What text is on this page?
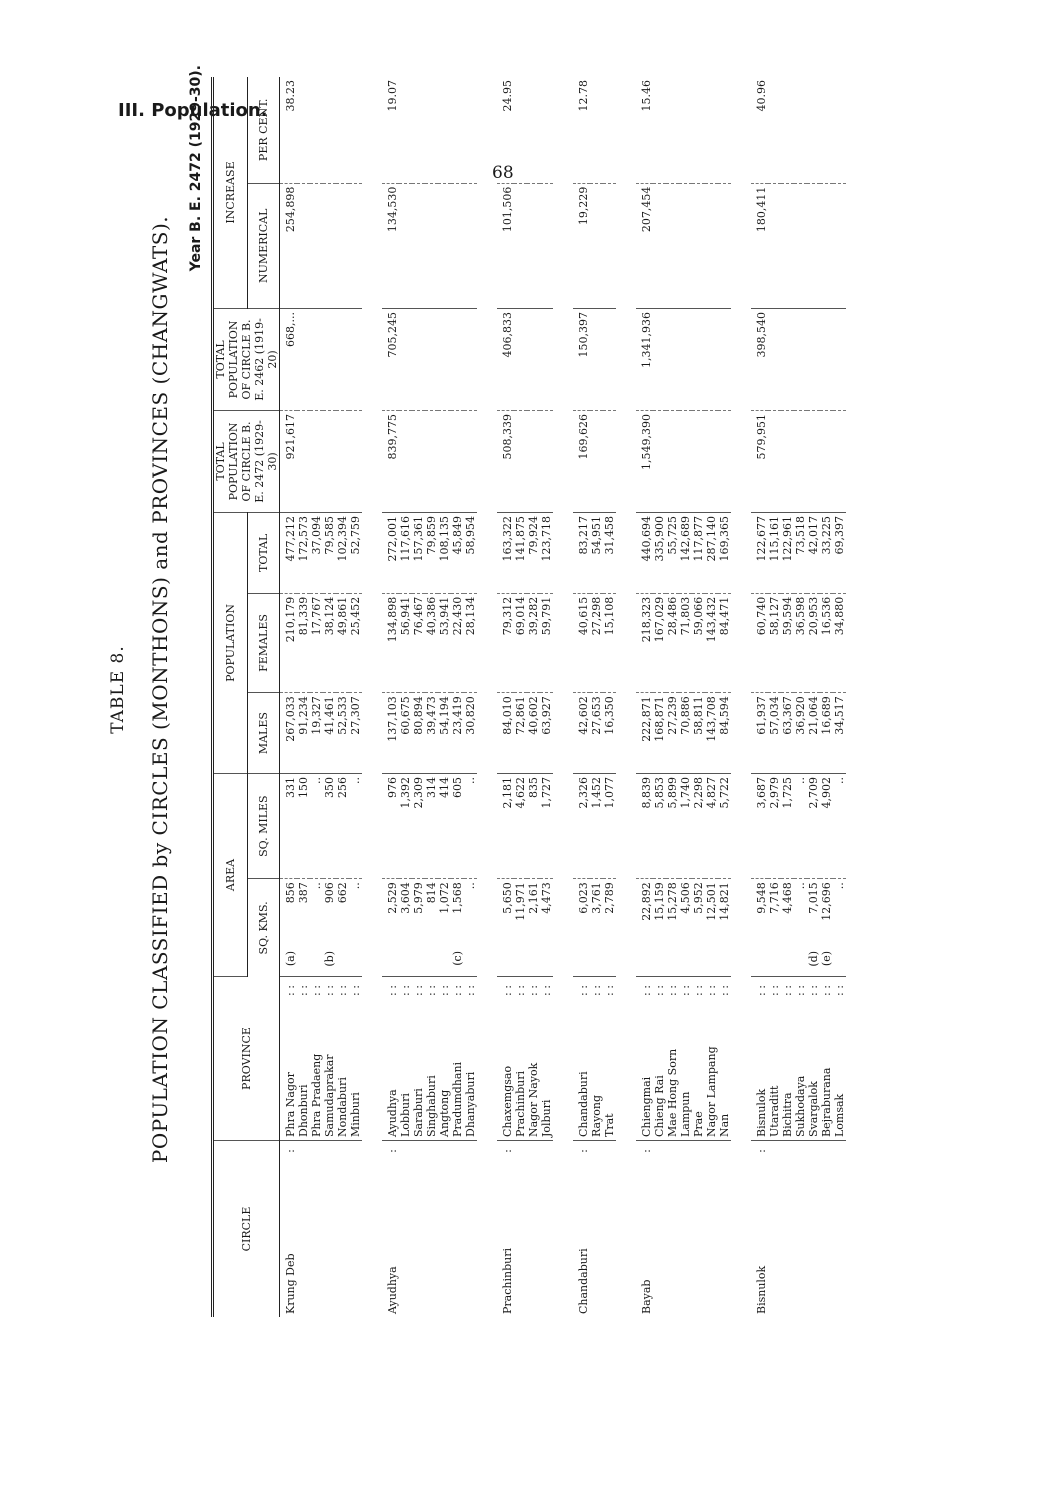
III. Population.
68
TABLE 8. POPULATION CLASSIFIED by CIRCLES (MONTHONS) and PROVINCES (CHANGWATS).
Year B. E. 2472 (1929-30).
CIRCLE		PROVINCE		AREA			POPULATION			TOTAL POPULATION OF CIRCLE B. E. 2472 (1929-30)	TOTAL POPULATION OF CIRCLE B. E. 2462 (1919-20)	INCREASE	
				SQ. KMS.		SQ. MILES	MALES	FEMALES	TOTAL			NUMERICAL	PER CENT.
Krung Deb	:	Phra Nagor	: :	(a)	856	331	267,033	210,179	477,212	921,617	668,...	254,898	38.23
		Dhonburi	: :		387	150	91,234	81,339	172,573				
		Phra Pradaeng	: :		..	..	19,327	17,767	37,094				
		Samudaprakar	: :	(b)	906	350	41,461	38,124	79,585				
		Nondaburi	: :		662	256	52,533	49,861	102,394				
		Minburi	: :		..	..	27,307	25,452	52,759				

Ayudhya	:	Ayudhya	: :		2,529	976	137,103	134,898	272,001	839,775	705,245	134,530	19.07
		Lobburi	: :		3,604	1,392	60,675	56,941	117,616				
		Saraburi	: :		5,979	2,309	80,894	76,467	157,361				
		Singhaburi	: :		814	314	39,473	40,386	79,859				
		Angtong	: :		1,072	414	54,194	53,941	108,135				
		Pradumdhani	: :	(c)	1,568	605	23,419	22,430	45,849				
		Dhanyaburi	: :		..	..	30,820	28,134	58,954				

Prachinburi	:	Chaxemgsao	: :		5,650	2,181	84,010	79,312	163,322	508,339	406,833	101,506	24.95
		Prachinburi	: :		11,971	4,622	72,861	69,014	141,875				
		Nagor Nayok	: :		2,161	835	40,602	39,282	79,924				
		Jolburi	: :		4,473	1,727	63,927	59,791	123,718				

Chandaburi	:	Chandaburi	: :		6,023	2,326	42,602	40,615	83,217	169,626	150,397	19,229	12.78
		Rayong	: :		3,761	1,452	27,653	27,298	54,951				
		Trat	: :		2,789	1,077	16,350	15,108	31,458				

Bayab	:	Chiengmai	: :		22,892	8,839	222,871	218,323	440,694	1,549,390	1,341,936	207,454	15.46
		Chieng Rai	: :		15,159	5,853	168,871	167,029	335,900				
		Mae Hong Sorn	: :		15,278	5,899	27,239	28,486	55,725				
		Lampun	: :		4,506	1,740	70,886	71,803	142,689				
		Prae	: :		5,952	2,298	58,811	59,066	117,877				
		Nagor Lampang	: :		12,501	4,827	143,708	143,432	287,140				
		Nan	: :		14,821	5,722	84,594	84,471	169,365				

Bisnulok	:	Bisnulok	: :		9,548	3,687	61,937	60,740	122,677	579,951	398,540	180,411	40.96
		Utaraditt	: :		7,716	2,979	57,034	58,127	115,161				
		Bichitra	: :		4,468	1,725	63,367	59,594	122,961				
		Sukhodaya	: :		..	..	36,920	36,598	73,518				
		Svargalok	: :	(d)	7,015	2,709	21,064	20,953	42,017				
		Bejraburana	: :	(e)	12,696	4,902	16,689	16,536	33,225				
		Lomsak	: :		..	..	34,517	34,880	69,397				
